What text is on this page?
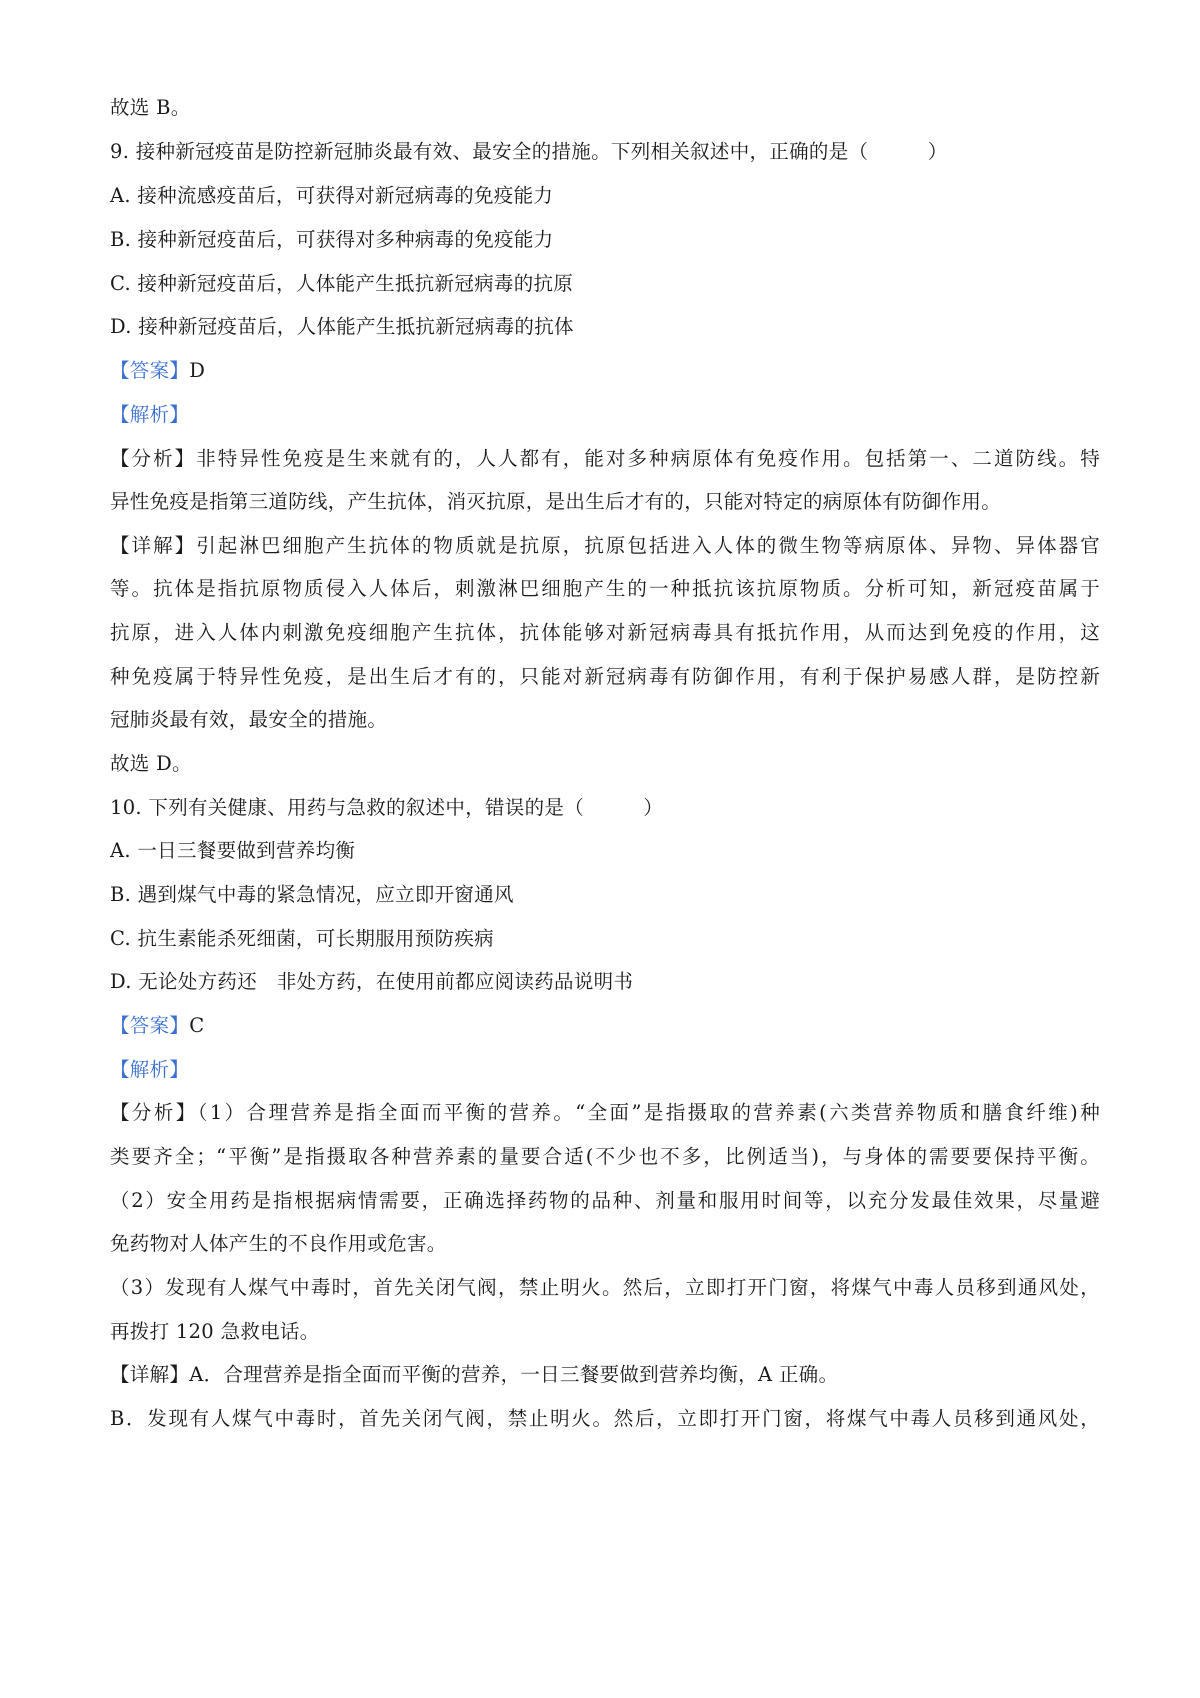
故选 B。
9. 接种新冠疫苗是防控新冠肺炎最有效、最安全的措施。下列相关叙述中，正确的是（　　　）
A. 接种流感疫苗后，可获得对新冠病毒的免疫能力
B. 接种新冠疫苗后，可获得对多种病毒的免疫能力
C. 接种新冠疫苗后，人体能产生抵抗新冠病毒的抗原
D. 接种新冠疫苗后，人体能产生抵抗新冠病毒的抗体
【答案】D
【解析】
【分析】非特异性免疫是生来就有的，人人都有，能对多种病原体有免疫作用。包括第一、二道防线。特
异性免疫是指第三道防线，产生抗体，消灭抗原，是出生后才有的，只能对特定的病原体有防御作用。
【详解】引起淋巴细胞产生抗体的物质就是抗原，抗原包括进入人体的微生物等病原体、异物、异体器官
等。抗体是指抗原物质侵入人体后，刺激淋巴细胞产生的一种抵抗该抗原物质。分析可知，新冠疫苗属于
抗原，进入人体内刺激免疫细胞产生抗体，抗体能够对新冠病毒具有抵抗作用，从而达到免疫的作用，这
种免疫属于特异性免疫，是出生后才有的，只能对新冠病毒有防御作用，有利于保护易感人群，是防控新
冠肺炎最有效，最安全的措施。
故选 D。
10. 下列有关健康、用药与急救的叙述中，错误的是（　　　）
A. 一日三餐要做到营养均衡
B. 遇到煤气中毒的紧急情况，应立即开窗通风
C. 抗生素能杀死细菌，可长期服用预防疾病
D. 无论处方药还　非处方药，在使用前都应阅读药品说明书
【答案】C
【解析】
【分析】（1）合理营养是指全面而平衡的营养。“全面”是指摄取的营养素(六类营养物质和膳食纤维)种
类要齐全；“平衡”是指摄取各种营养素的量要合适(不少也不多，比例适当)，与身体的需要要保持平衡。
（2）安全用药是指根据病情需要，正确选择药物的品种、剂量和服用时间等，以充分发最佳效果，尽量避
免药物对人体产生的不良作用或危害。
（3）发现有人煤气中毒时，首先关闭气阀，禁止明火。然后，立即打开门窗，将煤气中毒人员移到通风处，
再拨打 120 急救电话。
【详解】A．合理营养是指全面而平衡的营养，一日三餐要做到营养均衡，A 正确。
B．发现有人煤气中毒时，首先关闭气阀，禁止明火。然后，立即打开门窗，将煤气中毒人员移到通风处，
